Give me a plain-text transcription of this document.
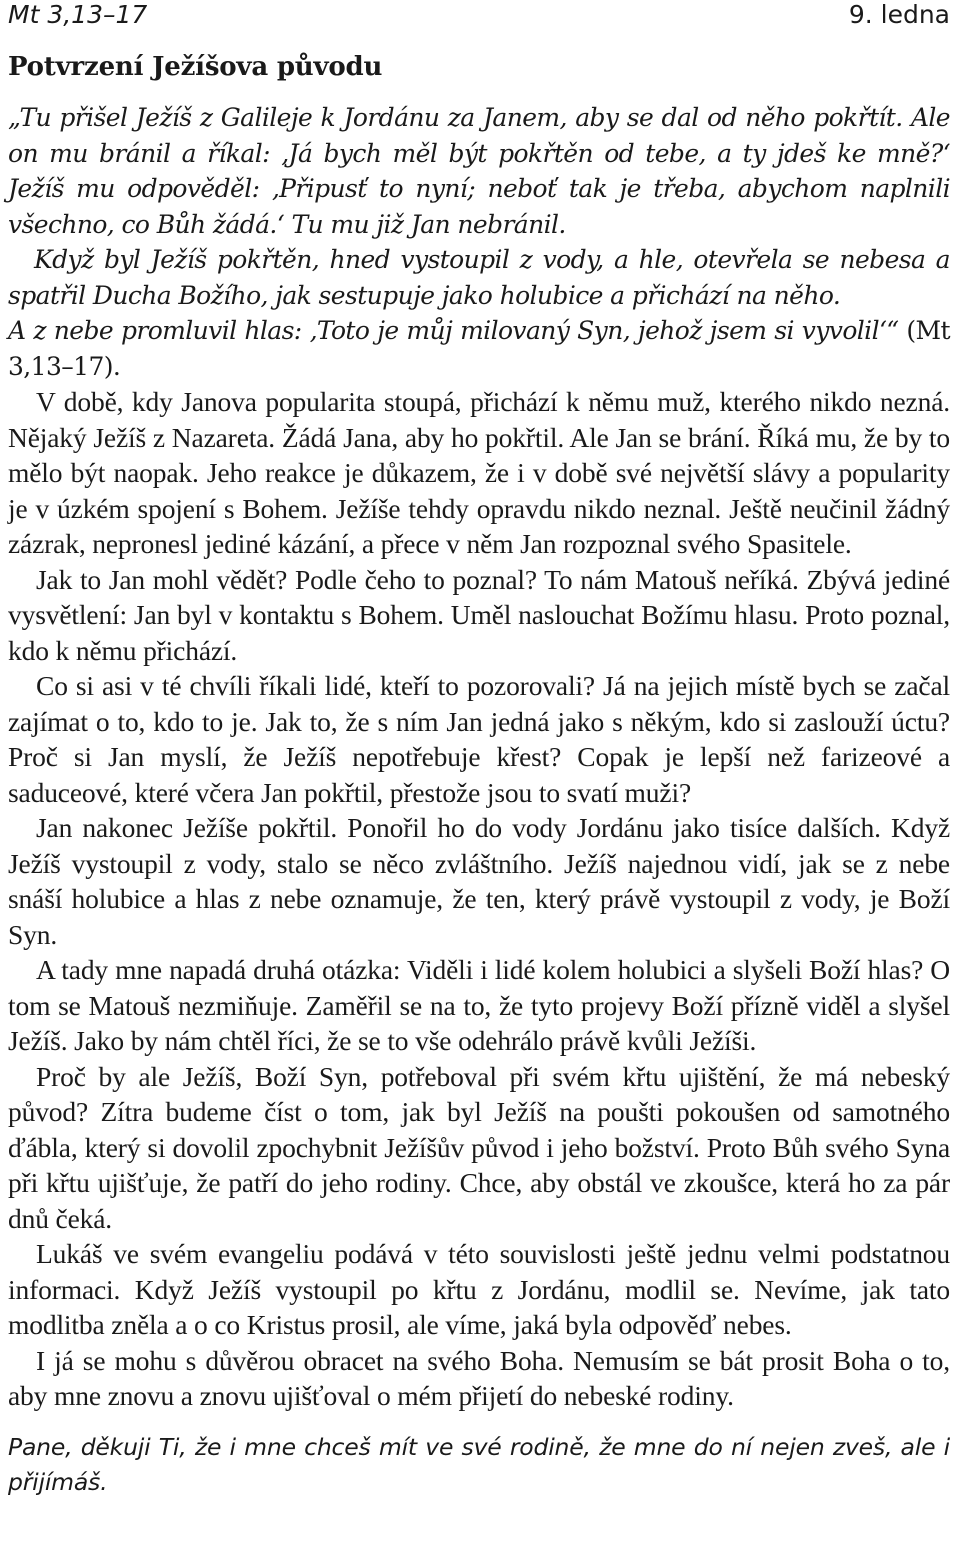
Mt 3,13–17	9. ledna
Potvrzení Ježíšova původu

„Tu přišel Ježíš z Galileje k Jordánu za Janem, aby se dal od něho pokřtít. Ale on mu bránil a říkal: ‚Já bych měl být pokřtěn od tebe, a ty jdeš ke mně?‘ Ježíš mu odpověděl: ‚Připusť to nyní; neboť tak je třeba, abychom naplnili všechno, co Bůh žádá.‘ Tu mu již Jan nebránil.

Když byl Ježíš pokřtěn, hned vystoupil z vody, a hle, otevřela se nebesa a spatřil Ducha Božího, jak sestupuje jako holubice a přichází na něho.

A z nebe promluvil hlas: ‚Toto je můj milovaný Syn, jehož jsem si vyvolil‘“ (Mt 3,13–17).

V době, kdy Janova popularita stoupá, přichází k němu muž, kterého nikdo nezná. Nějaký Ježíš z Nazareta. Žádá Jana, aby ho pokřtil. Ale Jan se brání. Říká mu, že by to mělo být naopak. Jeho reakce je důkazem, že i v době své největší slávy a popularity je v úzkém spojení s Bohem. Ježíše tehdy opravdu nikdo neznal. Ještě neučinil žádný zázrak, nepronesl jediné kázání, a přece v něm Jan rozpoznal svého Spasitele.

Jak to Jan mohl vědět? Podle čeho to poznal? To nám Matouš neříká. Zbývá jediné vysvětlení: Jan byl v kontaktu s Bohem. Uměl naslouchat Božímu hlasu. Proto poznal, kdo k němu přichází.

Co si asi v té chvíli říkali lidé, kteří to pozorovali? Já na jejich místě bych se začal zajímat o to, kdo to je. Jak to, že s ním Jan jedná jako s někým, kdo si zaslouží úctu? Proč si Jan myslí, že Ježíš nepotřebuje křest? Copak je lepší než farizeové a saduceové, které včera Jan pokřtil, přestože jsou to svatí muži?

Jan nakonec Ježíše pokřtil. Ponořil ho do vody Jordánu jako tisíce dalších. Když Ježíš vystoupil z vody, stalo se něco zvláštního. Ježíš najednou vidí, jak se z nebe snáší holubice a hlas z nebe oznamuje, že ten, který právě vystoupil z vody, je Boží Syn.

A tady mne napadá druhá otázka: Viděli i lidé kolem holubici a slyšeli Boží hlas? O tom se Matouš nezmiňuje. Zaměřil se na to, že tyto projevy Boží přízně viděl a slyšel Ježíš. Jako by nám chtěl říci, že se to vše odehrálo právě kvůli Ježíši.

Proč by ale Ježíš, Boží Syn, potřeboval při svém křtu ujištění, že má nebeský původ? Zítra budeme číst o tom, jak byl Ježíš na poušti pokoušen od samotného ďábla, který si dovolil zpochybnit Ježíšův původ i jeho božství. Proto Bůh svého Syna při křtu ujišťuje, že patří do jeho rodiny. Chce, aby obstál ve zkoušce, která ho za pár dnů čeká.

Lukáš ve svém evangeliu podává v této souvislosti ještě jednu velmi podstatnou informaci. Když Ježíš vystoupil po křtu z Jordánu, modlil se. Nevíme, jak tato modlitba zněla a o co Kristus prosil, ale víme, jaká byla odpověď nebes.

I já se mohu s důvěrou obracet na svého Boha. Nemusím se bát prosit Boha o to, aby mne znovu a znovu ujišťoval o mém přijetí do nebeské rodiny.

Pane, děkuji Ti, že i mne chceš mít ve své rodině, že mne do ní nejen zveš, ale i přijímáš.
